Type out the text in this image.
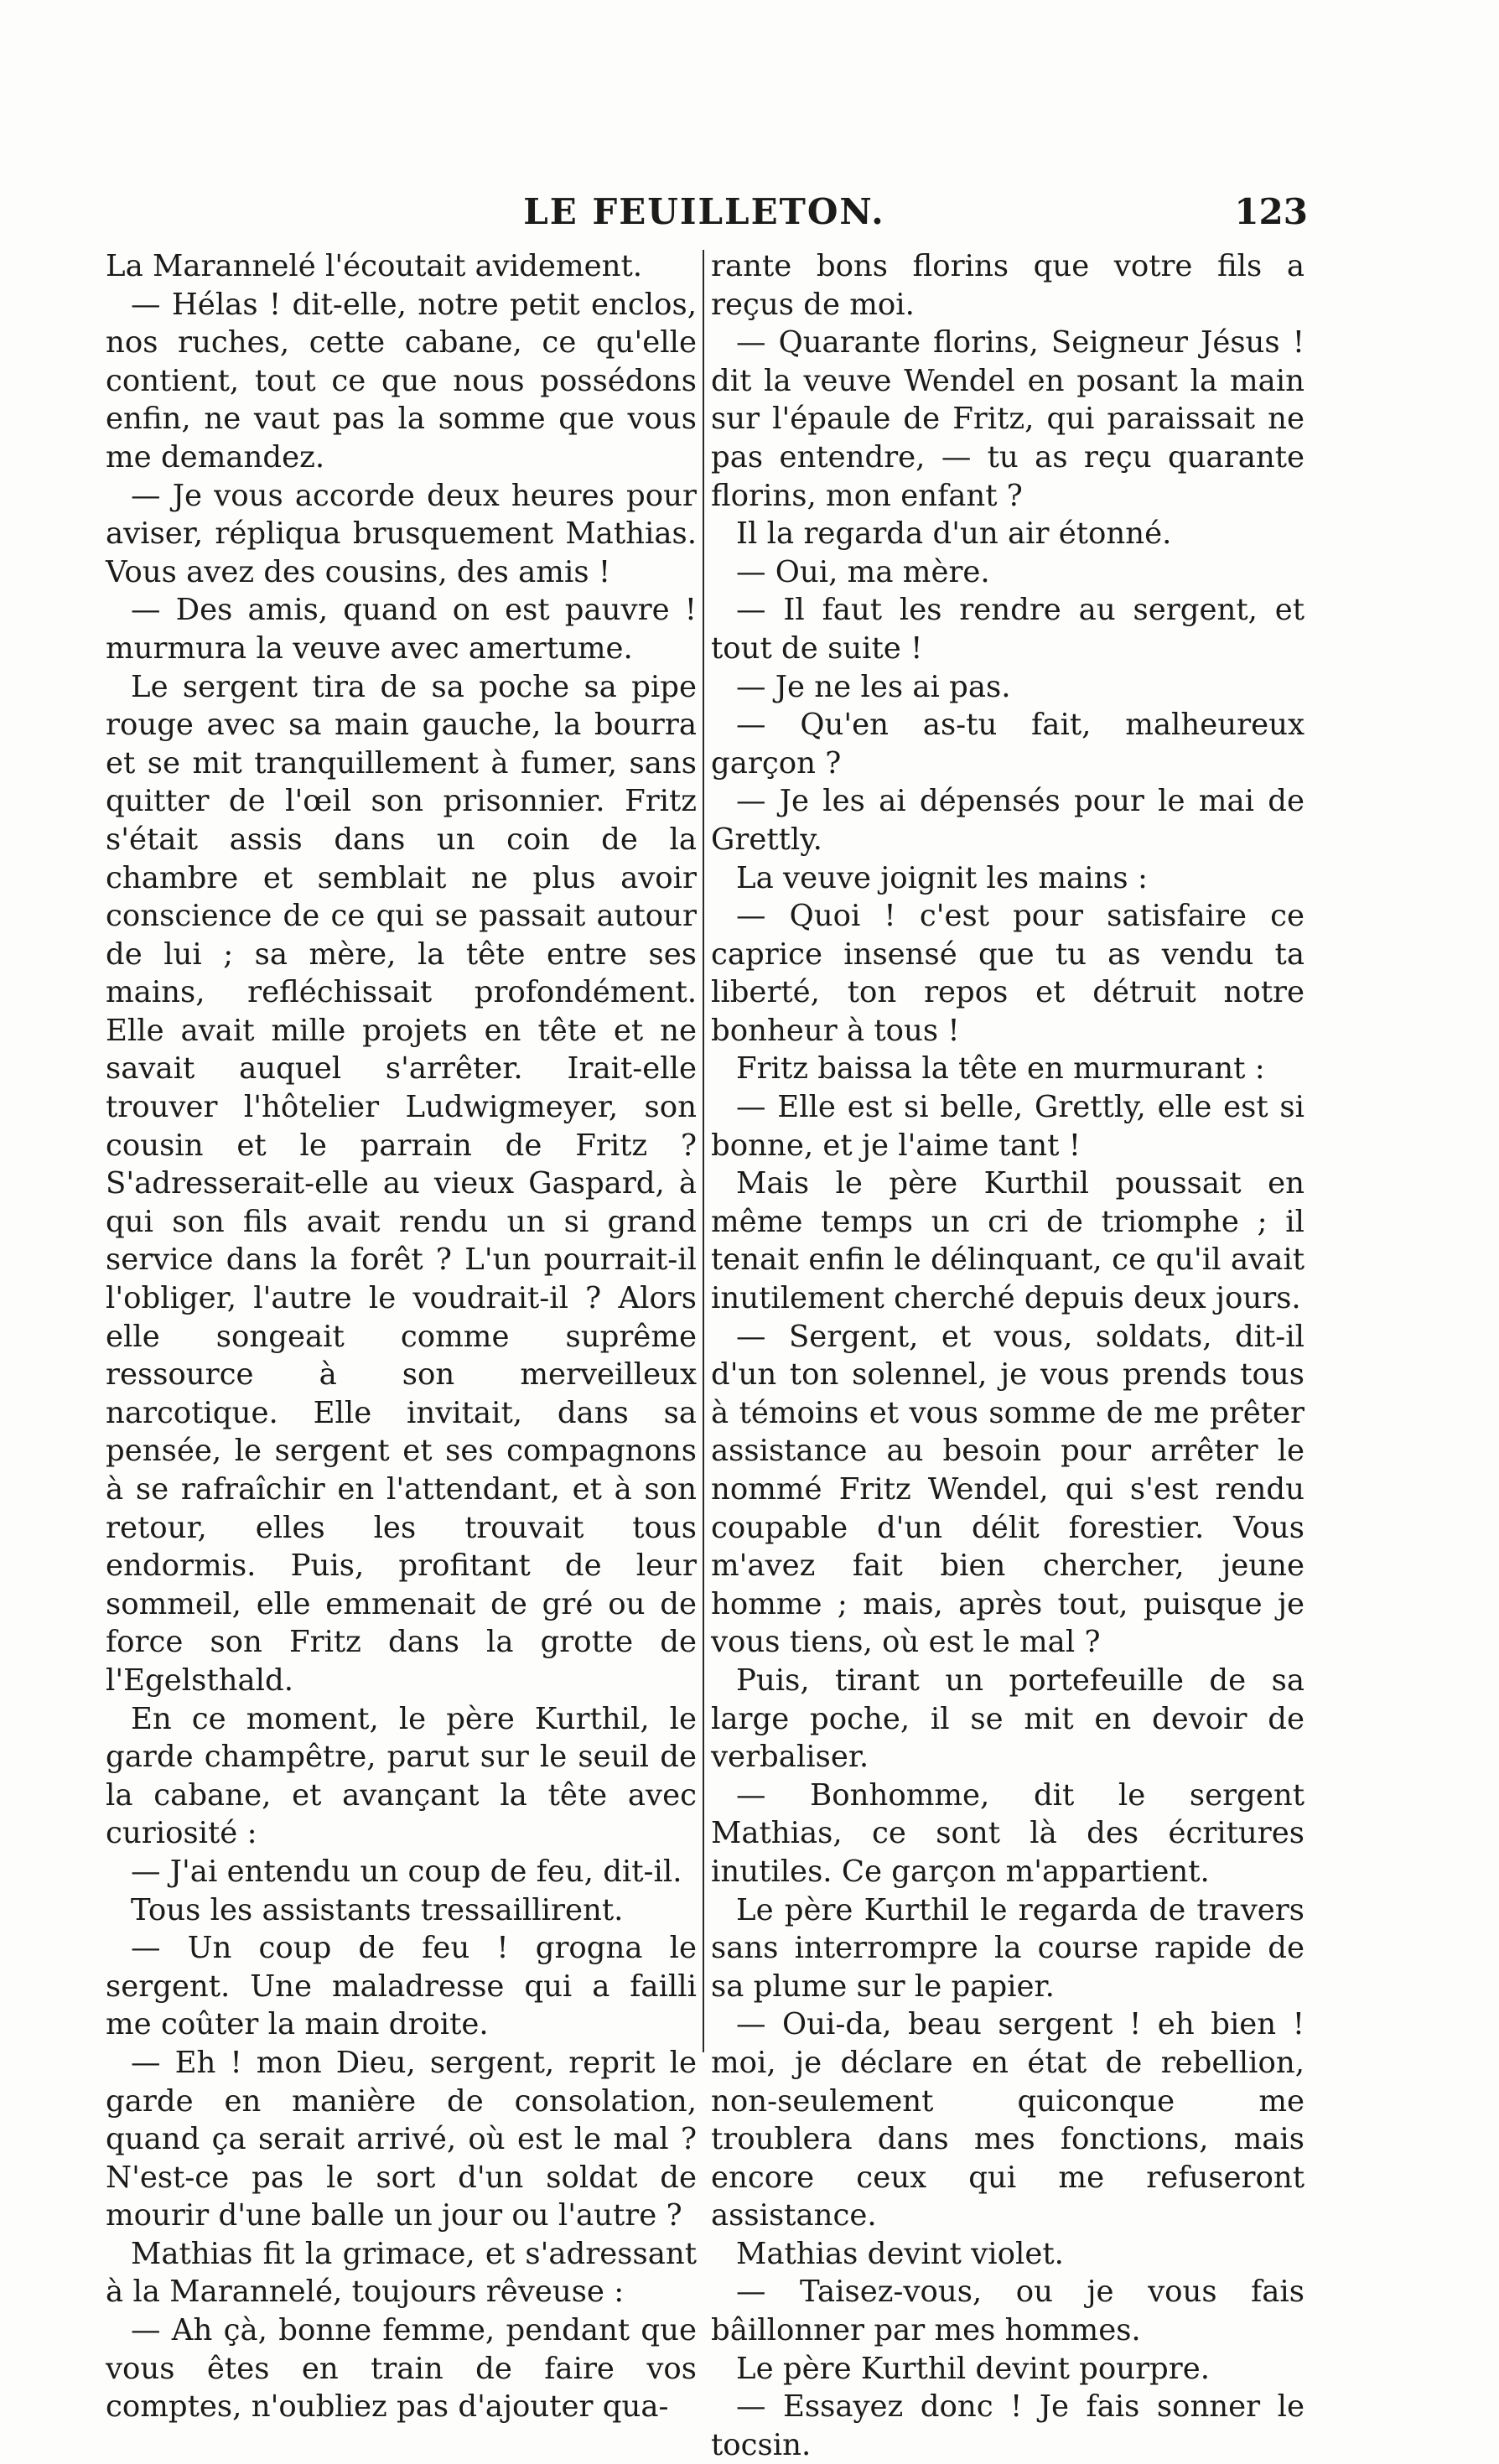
LE FEUILLETON.	123

La Marannelé l'écoutait avidement.

— Hélas ! dit-elle, notre petit enclos, nos ruches, cette cabane, ce qu'elle contient, tout ce que nous possédons enfin, ne vaut pas la somme que vous me demandez.

— Je vous accorde deux heures pour aviser, répliqua brusquement Mathias. Vous avez des cousins, des amis !

— Des amis, quand on est pauvre ! murmura la veuve avec amertume.

Le sergent tira de sa poche sa pipe rouge avec sa main gauche, la bourra et se mit tranquillement à fumer, sans quitter de l'œil son prisonnier. Fritz s'était assis dans un coin de la chambre et semblait ne plus avoir conscience de ce qui se passait autour de lui ; sa mère, la tête entre ses mains, refléchissait profondément. Elle avait mille projets en tête et ne savait auquel s'arrêter. Irait-elle trouver l'hôtelier Ludwigmeyer, son cousin et le parrain de Fritz ? S'adresserait-elle au vieux Gaspard, à qui son fils avait rendu un si grand service dans la forêt ? L'un pourrait-il l'obliger, l'autre le voudrait-il ? Alors elle songeait comme suprême ressource à son merveilleux narcotique. Elle invitait, dans sa pensée, le sergent et ses compagnons à se rafraîchir en l'attendant, et à son retour, elles les trouvait tous endormis. Puis, profitant de leur sommeil, elle emmenait de gré ou de force son Fritz dans la grotte de l'Egelsthald.

En ce moment, le père Kurthil, le garde champêtre, parut sur le seuil de la cabane, et avançant la tête avec curiosité :

— J'ai entendu un coup de feu, dit-il.

Tous les assistants tressaillirent.

— Un coup de feu ! grogna le sergent. Une maladresse qui a failli me coûter la main droite.

— Eh ! mon Dieu, sergent, reprit le garde en manière de consolation, quand ça serait arrivé, où est le mal ? N'est-ce pas le sort d'un soldat de mourir d'une balle un jour ou l'autre ?

Mathias fit la grimace, et s'adressant à la Marannelé, toujours rêveuse :

— Ah çà, bonne femme, pendant que vous êtes en train de faire vos comptes, n'oubliez pas d'ajouter qua-

rante bons florins que votre fils a reçus de moi.

— Quarante florins, Seigneur Jésus ! dit la veuve Wendel en posant la main sur l'épaule de Fritz, qui paraissait ne pas entendre, — tu as reçu quarante florins, mon enfant ?

Il la regarda d'un air étonné.

— Oui, ma mère.

— Il faut les rendre au sergent, et tout de suite !

— Je ne les ai pas.

— Qu'en as-tu fait, malheureux garçon ?

— Je les ai dépensés pour le mai de Grettly.

La veuve joignit les mains :

— Quoi ! c'est pour satisfaire ce caprice insensé que tu as vendu ta liberté, ton repos et détruit notre bonheur à tous !

Fritz baissa la tête en murmurant :

— Elle est si belle, Grettly, elle est si bonne, et je l'aime tant !

Mais le père Kurthil poussait en même temps un cri de triomphe ; il tenait enfin le délinquant, ce qu'il avait inutilement cherché depuis deux jours.

— Sergent, et vous, soldats, dit-il d'un ton solennel, je vous prends tous à témoins et vous somme de me prêter assistance au besoin pour arrêter le nommé Fritz Wendel, qui s'est rendu coupable d'un délit forestier. Vous m'avez fait bien chercher, jeune homme ; mais, après tout, puisque je vous tiens, où est le mal ?

Puis, tirant un portefeuille de sa large poche, il se mit en devoir de verbaliser.

— Bonhomme, dit le sergent Mathias, ce sont là des écritures inutiles. Ce garçon m'appartient.

Le père Kurthil le regarda de travers sans interrompre la course rapide de sa plume sur le papier.

— Oui-da, beau sergent ! eh bien ! moi, je déclare en état de rebellion, non-seulement quiconque me troublera dans mes fonctions, mais encore ceux qui me refuseront assistance.

Mathias devint violet.

— Taisez-vous, ou je vous fais bâillonner par mes hommes.

Le père Kurthil devint pourpre.

— Essayez donc ! Je fais sonner le tocsin.
